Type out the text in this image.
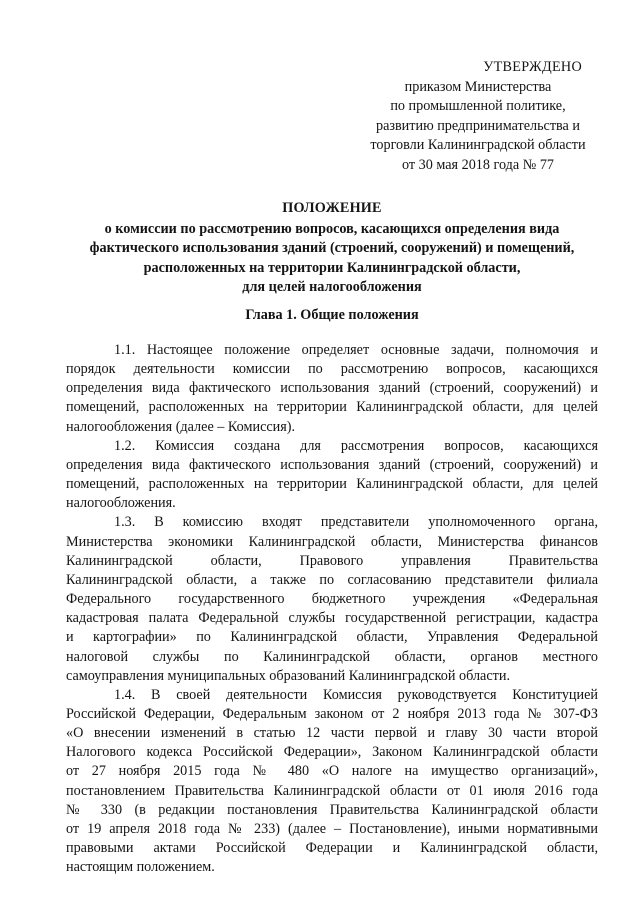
УТВЕРЖДЕНО
приказом Министерства
по промышленной политике,
развитию предпринимательства и
торговли Калининградской области
от 30 мая 2018 года № 77
ПОЛОЖЕНИЕ
о комиссии по рассмотрению вопросов, касающихся определения вида
фактического использования зданий (строений, сооружений) и помещений,
расположенных на территории Калининградской области,
для целей налогообложения
Глава 1. Общие положения
1.1. Настоящее положение определяет основные задачи, полномочия и
порядок деятельности комиссии по рассмотрению вопросов, касающихся
определения вида фактического использования зданий (строений, сооружений) и
помещений, расположенных на территории Калининградской области, для целей
налогообложения (далее – Комиссия).
1.2. Комиссия создана для рассмотрения вопросов, касающихся
определения вида фактического использования зданий (строений, сооружений) и
помещений, расположенных на территории Калининградской области, для целей
налогообложения.
1.3. В комиссию входят представители уполномоченного органа,
Министерства экономики Калининградской области, Министерства финансов
Калининградской области, Правового управления Правительства
Калининградской области, а также по согласованию представители филиала
Федерального государственного бюджетного учреждения «Федеральная
кадастровая палата Федеральной службы государственной регистрации, кадастра
и картографии» по Калининградской области, Управления Федеральной
налоговой службы по Калининградской области, органов местного
самоуправления муниципальных образований Калининградской области.
1.4. В своей деятельности Комиссия руководствуется Конституцией
Российской Федерации, Федеральным законом от 2 ноября 2013 года № 307-ФЗ
«О внесении изменений в статью 12 части первой и главу 30 части второй
Налогового кодекса Российской Федерации», Законом Калининградской области
от 27 ноября 2015 года № 480 «О налоге на имущество организаций»,
постановлением Правительства Калининградской области от 01 июля 2016 года
№ 330 (в редакции постановления Правительства Калининградской области
от 19 апреля 2018 года № 233) (далее – Постановление), иными нормативными
правовыми актами Российской Федерации и Калининградской области,
настоящим положением.
